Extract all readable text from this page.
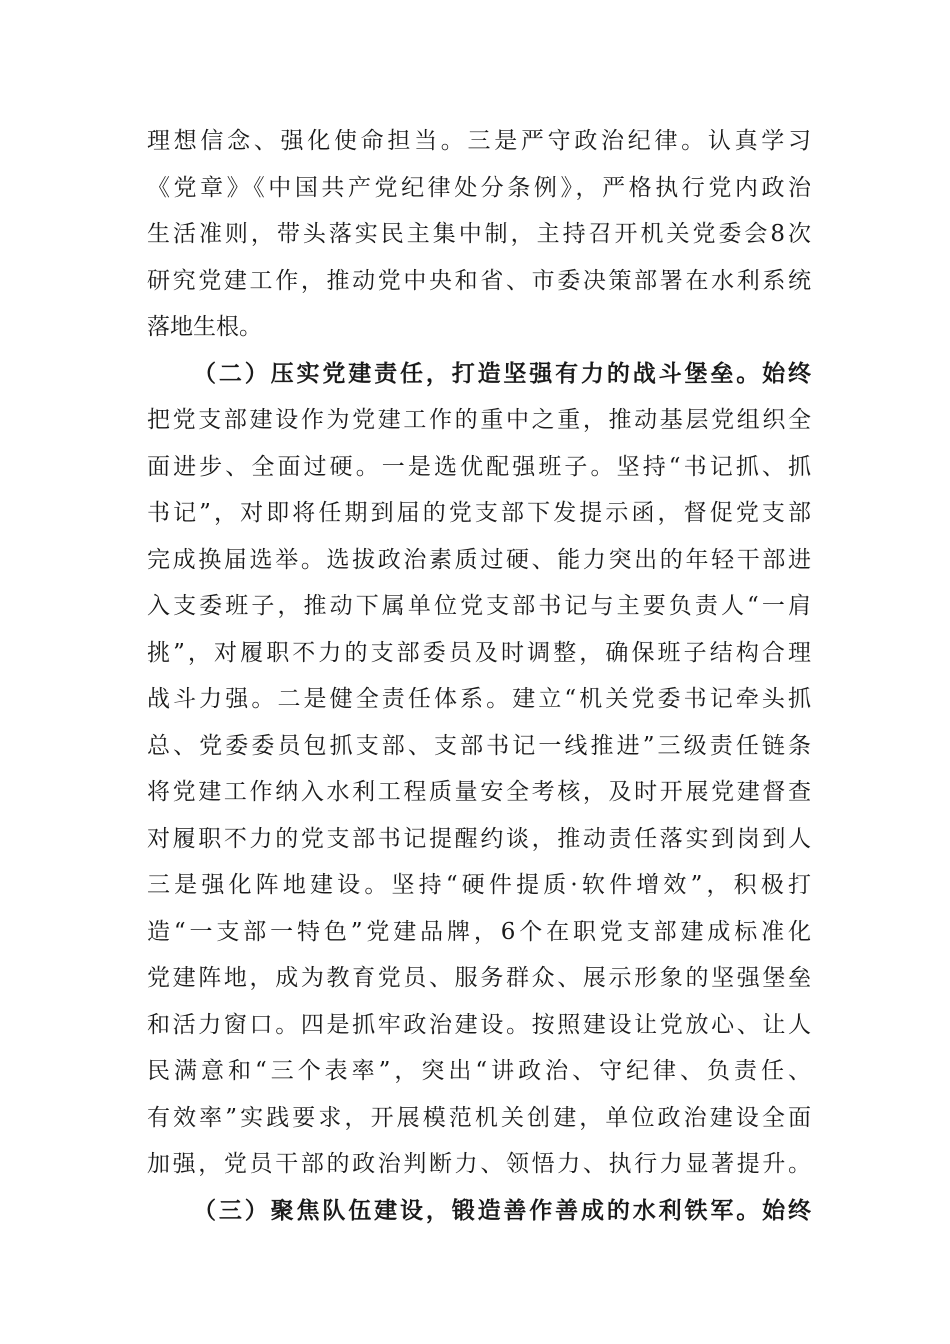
理想信念、强化使命担当。三是严守政治纪律。认真学习
《党章》《中国共产党纪律处分条例》，严格执行党内政治
生活准则，带头落实民主集中制，主持召开机关党委会8次
研究党建工作，推动党中央和省、市委决策部署在水利系统
落地生根。
（二）压实党建责任，打造坚强有力的战斗堡垒。始终
把党支部建设作为党建工作的重中之重，推动基层党组织全
面进步、全面过硬。一是选优配强班子。坚持“书记抓、抓
书记”，对即将任期到届的党支部下发提示函，督促党支部
完成换届选举。选拔政治素质过硬、能力突出的年轻干部进
入支委班子，推动下属单位党支部书记与主要负责人“一肩
挑”，对履职不力的支部委员及时调整，确保班子结构合理
战斗力强。二是健全责任体系。建立“机关党委书记牵头抓
总、党委委员包抓支部、支部书记一线推进”三级责任链条
将党建工作纳入水利工程质量安全考核，及时开展党建督查
对履职不力的党支部书记提醒约谈，推动责任落实到岗到人
三是强化阵地建设。坚持“硬件提质·软件增效”，积极打
造“一支部一特色”党建品牌，6个在职党支部建成标准化
党建阵地，成为教育党员、服务群众、展示形象的坚强堡垒
和活力窗口。四是抓牢政治建设。按照建设让党放心、让人
民满意和“三个表率”，突出“讲政治、守纪律、负责任、
有效率”实践要求，开展模范机关创建，单位政治建设全面
加强，党员干部的政治判断力、领悟力、执行力显著提升。
（三）聚焦队伍建设，锻造善作善成的水利铁军。始终
